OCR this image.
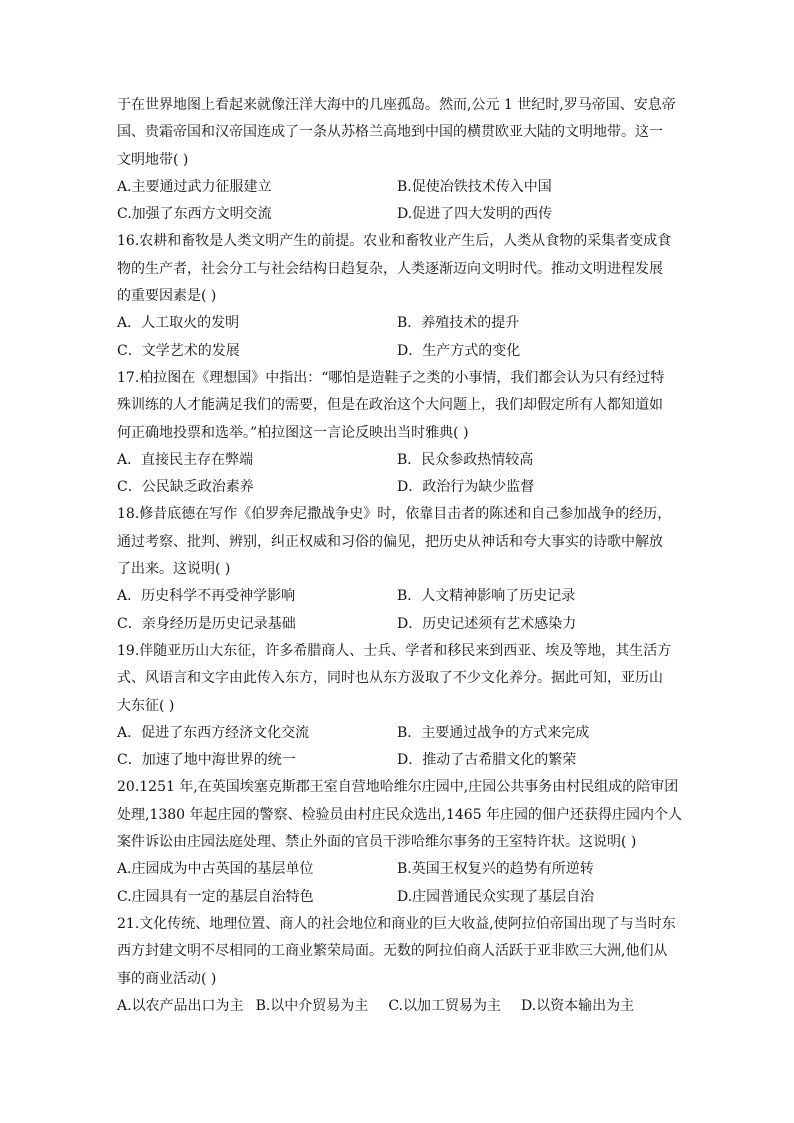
于在世界地图上看起来就像汪洋大海中的几座孤岛。然而,公元 1 世纪时,罗马帝国、安息帝
国、贵霜帝国和汉帝国连成了一条从苏格兰高地到中国的横贯欧亚大陆的文明地带。这一
文明地带( )
A.主要通过武力征服建立	B.促使冶铁技术传入中国
C.加强了东西方文明交流	D.促进了四大发明的西传
16.农耕和畜牧是人类文明产生的前提。农业和畜牧业产生后，人类从食物的采集者变成食
物的生产者，社会分工与社会结构日趋复杂，人类逐渐迈向文明时代。推动文明进程发展
的重要因素是( )
A．人工取火的发明	B．养殖技术的提升
C．文学艺术的发展	D．生产方式的变化
17.柏拉图在《理想国》中指出：“哪怕是造鞋子之类的小事情，我们都会认为只有经过特
殊训练的人才能满足我们的需要，但是在政治这个大问题上，我们却假定所有人都知道如
何正确地投票和选举。”柏拉图这一言论反映出当时雅典( )
A．直接民主存在弊端	B．民众参政热情较高
C．公民缺乏政治素养	D．政治行为缺少监督
18.修昔底德在写作《伯罗奔尼撒战争史》时，依靠目击者的陈述和自己参加战争的经历，
通过考察、批判、辨别，纠正权威和习俗的偏见，把历史从神话和夸大事实的诗歌中解放
了出来。这说明( )
A．历史科学不再受神学影响	B．人文精神影响了历史记录
C．亲身经历是历史记录基础	D．历史记述须有艺术感染力
19.伴随亚历山大东征，许多希腊商人、士兵、学者和移民来到西亚、埃及等地，其生活方
式、风语言和文字由此传入东方，同时也从东方汲取了不少文化养分。据此可知，亚历山
大东征( )
A．促进了东西方经济文化交流	B．主要通过战争的方式来完成
C．加速了地中海世界的统一	D．推动了古希腊文化的繁荣
20.1251 年,在英国埃塞克斯郡王室自营地哈维尔庄园中,庄园公共事务由村民组成的陪审团
处理,1380 年起庄园的警察、检验员由村庄民众选出,1465 年庄园的佃户还获得庄园内个人
案件诉讼由庄园法庭处理、禁止外面的官员干涉哈维尔事务的王室特许状。这说明( )
A.庄园成为中古英国的基层单位	B.英国王权复兴的趋势有所逆转
C.庄园具有一定的基层自治特色	D.庄园普通民众实现了基层自治
21.文化传统、地理位置、商人的社会地位和商业的巨大收益,使阿拉伯帝国出现了与当时东
西方封建文明不尽相同的工商业繁荣局面。无数的阿拉伯商人活跃于亚非欧三大洲,他们从
事的商业活动( )
A.以农产品出口为主 B.以中介贸易为主 C.以加工贸易为主 D.以资本输出为主
